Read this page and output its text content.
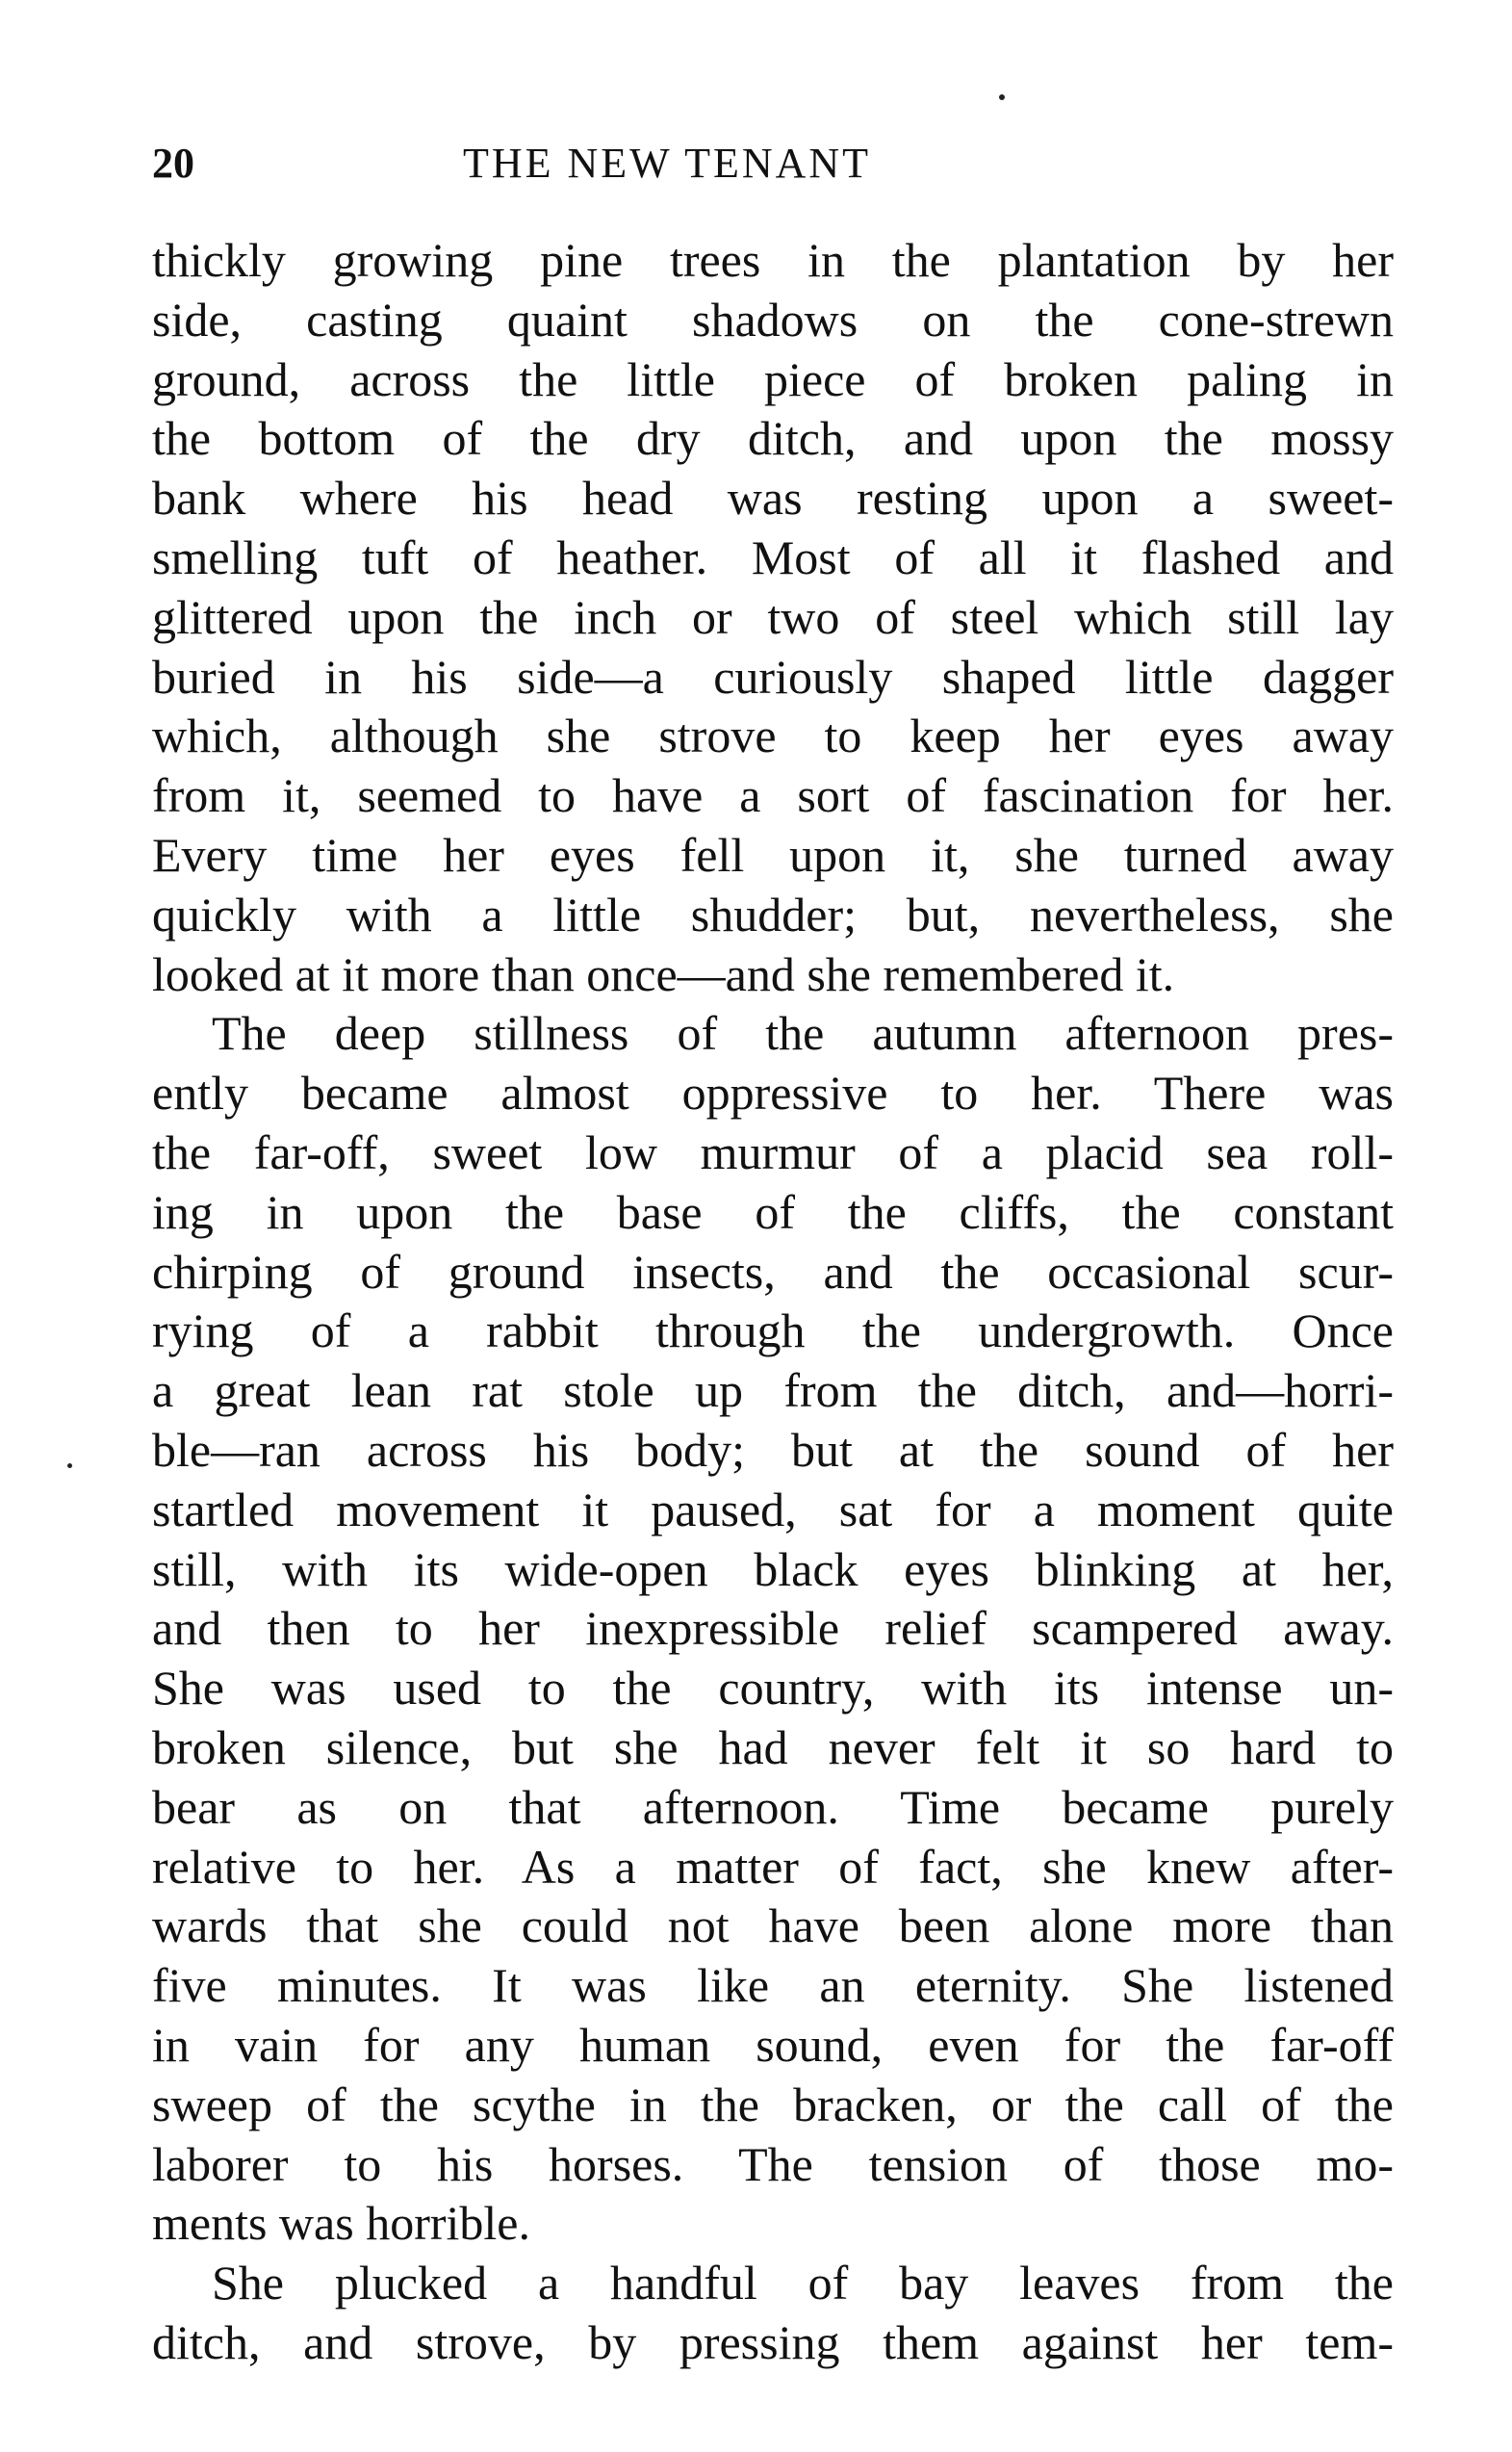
20	THE NEW TENANT
thickly growing pine trees in the plantation by her
side, casting quaint shadows on the cone-strewn
ground, across the little piece of broken paling in
the bottom of the dry ditch, and upon the mossy
bank where his head was resting upon a sweet-
smelling tuft of heather. Most of all it flashed and
glittered upon the inch or two of steel which still lay
buried in his side—a curiously shaped little dagger
which, although she strove to keep her eyes away
from it, seemed to have a sort of fascination for her.
Every time her eyes fell upon it, she turned away
quickly with a little shudder; but, nevertheless, she
looked at it more than once—and she remembered it.
The deep stillness of the autumn afternoon pres-
ently became almost oppressive to her. There was
the far-off, sweet low murmur of a placid sea roll-
ing in upon the base of the cliffs, the constant
chirping of ground insects, and the occasional scur-
rying of a rabbit through the undergrowth. Once
a great lean rat stole up from the ditch, and—horri-
ble—ran across his body; but at the sound of her
startled movement it paused, sat for a moment quite
still, with its wide-open black eyes blinking at her,
and then to her inexpressible relief scampered away.
She was used to the country, with its intense un-
broken silence, but she had never felt it so hard to
bear as on that afternoon. Time became purely
relative to her. As a matter of fact, she knew after-
wards that she could not have been alone more than
five minutes. It was like an eternity. She listened
in vain for any human sound, even for the far-off
sweep of the scythe in the bracken, or the call of the
laborer to his horses. The tension of those mo-
ments was horrible.
She plucked a handful of bay leaves from the
ditch, and strove, by pressing them against her tem-
